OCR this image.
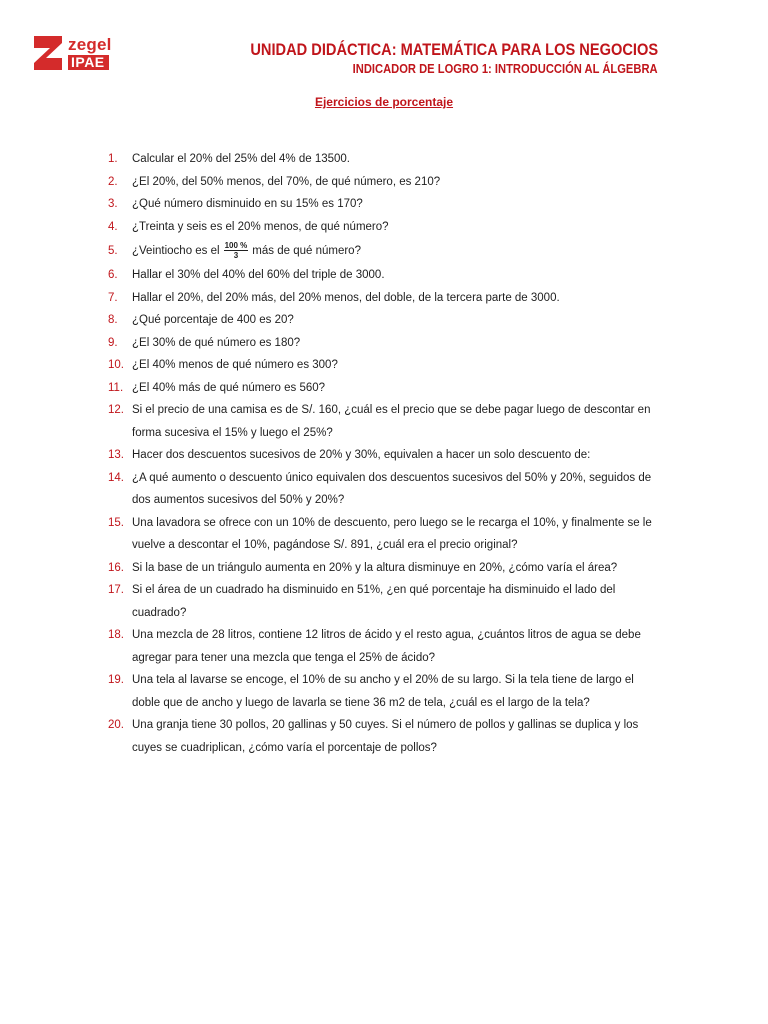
zegel
IPAE
UNIDAD DIDÁCTICA: MATEMÁTICA PARA LOS NEGOCIOS
INDICADOR DE LOGRO 1: INTRODUCCIÓN AL ÁLGEBRA
Ejercicios de porcentaje
1. Calcular el 20% del 25% del 4% de 13500.
2. ¿El 20%, del 50% menos, del 70%, de qué número, es 210?
3. ¿Qué número disminuido en su 15% es 170?
4. ¿Treinta y seis es el 20% menos, de qué número?
5. ¿Veintiocho es el $\frac{100 \%}{3}$ más de qué número?
6. Hallar el 30% del 40% del 60% del triple de 3000.
7. Hallar el 20%, del 20% más, del 20% menos, del doble, de la tercera parte de 3000.
8. ¿Qué porcentaje de 400 es 20?
9. ¿El 30% de qué número es 180?
10. ¿El 40% menos de qué número es 300?
11. ¿El 40% más de qué número es 560?
12. Si el precio de una camisa es de S/. 160, ¿cuál es el precio que se debe pagar luego de descontar en forma sucesiva el 15% y luego el 25%?
13. Hacer dos descuentos sucesivos de 20% y 30%, equivalen a hacer un solo descuento de:
14. ¿A qué aumento o descuento único equivalen dos descuentos sucesivos del 50% y 20%, seguidos de dos aumentos sucesivos del 50% y 20%?
15. Una lavadora se ofrece con un 10% de descuento, pero luego se le recarga el 10%, y finalmente se le vuelve a descontar el 10%, pagándose S/. 891, ¿cuál era el precio original?
16. Si la base de un triángulo aumenta en 20% y la altura disminuye en 20%, ¿cómo varía el área?
17. Si el área de un cuadrado ha disminuido en 51%, ¿en qué porcentaje ha disminuido el lado del cuadrado?
18. Una mezcla de 28 litros, contiene 12 litros de ácido y el resto agua, ¿cuántos litros de agua se debe agregar para tener una mezcla que tenga el 25% de ácido?
19. Una tela al lavarse se encoge, el 10% de su ancho y el 20% de su largo. Si la tela tiene de largo el doble que de ancho y luego de lavarla se tiene 36 m2 de tela, ¿cuál es el largo de la tela?
20. Una granja tiene 30 pollos, 20 gallinas y 50 cuyes. Si el número de pollos y gallinas se duplica y los cuyes se cuadriplican, ¿cómo varía el porcentaje de pollos?
